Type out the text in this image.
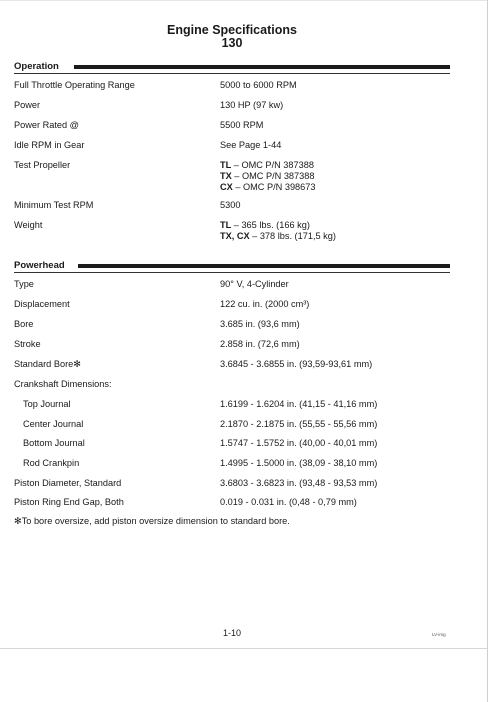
Engine Specifications
130
Operation
Full Throttle Operating Range	5000 to 6000 RPM
Power	130 HP (97 kw)
Power Rated @	5500 RPM
Idle RPM in Gear	See Page 1-44
Test Propeller	TL – OMC P/N 387388
TX – OMC P/N 387388
CX – OMC P/N 398673
Minimum Test RPM	5300
Weight	TL – 365 lbs. (166 kg)
TX, CX – 378 lbs. (171,5 kg)
Powerhead
Type	90° V, 4-Cylinder
Displacement	122 cu. in. (2000 cm³)
Bore	3.685 in. (93,6 mm)
Stroke	2.858 in. (72,6 mm)
Standard Bore✻	3.6845 - 3.6855 in. (93,59-93,61 mm)
Crankshaft Dimensions:
Top Journal	1.6199 - 1.6204 in. (41,15 - 41,16 mm)
Center Journal	2.1870 - 2.1875 in. (55,55 - 55,56 mm)
Bottom Journal	1.5747 - 1.5752 in. (40,00 - 40,01 mm)
Rod Crankpin	1.4995 - 1.5000 in. (38,09 - 38,10 mm)
Piston Diameter, Standard	3.6803 - 3.6823 in. (93,48 - 93,53 mm)
Piston Ring End Gap, Both	0.019 - 0.031 in. (0,48 - 0,79 mm)
✻To bore oversize, add piston oversize dimension to standard bore.
1-10	LV-img
